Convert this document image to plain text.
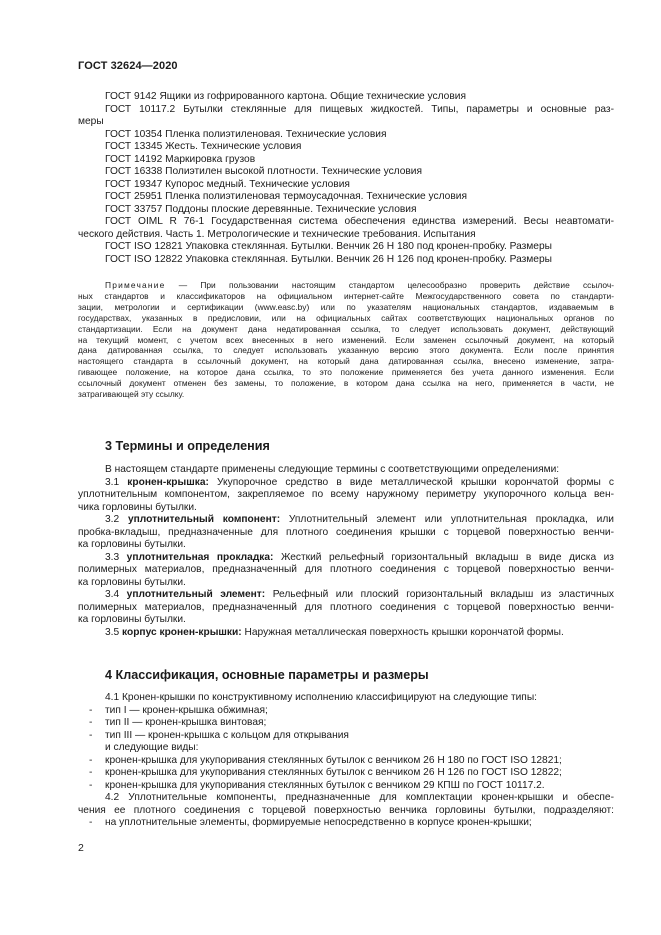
ГОСТ 32624—2020
ГОСТ 9142 Ящики из гофрированного картона. Общие технические условия
ГОСТ 10117.2 Бутылки стеклянные для пищевых жидкостей. Типы, параметры и основные раз-
меры
ГОСТ 10354 Пленка полиэтиленовая. Технические условия
ГОСТ 13345 Жесть. Технические условия
ГОСТ 14192 Маркировка грузов
ГОСТ 16338 Полиэтилен высокой плотности. Технические условия
ГОСТ 19347 Купорос медный. Технические условия
ГОСТ 25951 Пленка полиэтиленовая термоусадочная. Технические условия
ГОСТ 33757 Поддоны плоские деревянные. Технические условия
ГОСТ OIML R 76-1 Государственная система обеспечения единства измерений. Весы неавтомати-
ческого действия. Часть 1. Метрологические и технические требования. Испытания
ГОСТ ISO 12821 Упаковка стеклянная. Бутылки. Венчик 26 Н 180 под кронен-пробку. Размеры
ГОСТ ISO 12822 Упаковка стеклянная. Бутылки. Венчик 26 Н 126 под кронен-пробку. Размеры
Примечание — При пользовании настоящим стандартом целесообразно проверить действие ссылоч-
ных стандартов и классификаторов на официальном интернет-сайте Межгосударственного совета по стандарти-
зации, метрологии и сертификации (www.easc.by) или по указателям национальных стандартов, издаваемым в
государствах, указанных в предисловии, или на официальных сайтах соответствующих национальных органов по
стандартизации. Если на документ дана недатированная ссылка, то следует использовать документ, действующий
на текущий момент, с учетом всех внесенных в него изменений. Если заменен ссылочный документ, на который
дана датированная ссылка, то следует использовать указанную версию этого документа. Если после принятия
настоящего стандарта в ссылочный документ, на который дана датированная ссылка, внесено изменение, затра-
гивающее положение, на которое дана ссылка, то это положение применяется без учета данного изменения. Если
ссылочный документ отменен без замены, то положение, в котором дана ссылка на него, применяется в части, не
затрагивающей эту ссылку.
3 Термины и определения
В настоящем стандарте применены следующие термины с соответствующими определениями:
3.1 кронен-крышка: Укупорочное средство в виде металлической крышки корончатой формы с
уплотнительным компонентом, закрепляемое по всему наружному периметру укупорочного кольца вен-
чика горловины бутылки.
3.2 уплотнительный компонент: Уплотнительный элемент или уплотнительная прокладка, или
пробка-вкладыш, предназначенные для плотного соединения крышки с торцевой поверхностью венчи-
ка горловины бутылки.
3.3 уплотнительная прокладка: Жесткий рельефный горизонтальный вкладыш в виде диска из
полимерных материалов, предназначенный для плотного соединения с торцевой поверхностью венчи-
ка горловины бутылки.
3.4 уплотнительный элемент: Рельефный или плоский горизонтальный вкладыш из эластичных
полимерных материалов, предназначенный для плотного соединения с торцевой поверхностью венчи-
ка горловины бутылки.
3.5 корпус кронен-крышки: Наружная металлическая поверхность крышки корончатой формы.
4 Классификация, основные параметры и размеры
4.1 Кронен-крышки по конструктивному исполнению классифицируют на следующие типы:
- тип I — кронен-крышка обжимная;
- тип II — кронен-крышка винтовая;
- тип III — кронен-крышка с кольцом для открывания
и следующие виды:
- кронен-крышка для укупоривания стеклянных бутылок с венчиком 26 Н 180 по ГОСТ ISO 12821;
- кронен-крышка для укупоривания стеклянных бутылок с венчиком 26 Н 126 по ГОСТ ISO 12822;
- кронен-крышка для укупоривания стеклянных бутылок с венчиком 29 КПШ по ГОСТ 10117.2.
4.2 Уплотнительные компоненты, предназначенные для комплектации кронен-крышки и обеспе-
чения ее плотного соединения с торцевой поверхностью венчика горловины бутылки, подразделяют:
- на уплотнительные элементы, формируемые непосредственно в корпусе кронен-крышки;
2
